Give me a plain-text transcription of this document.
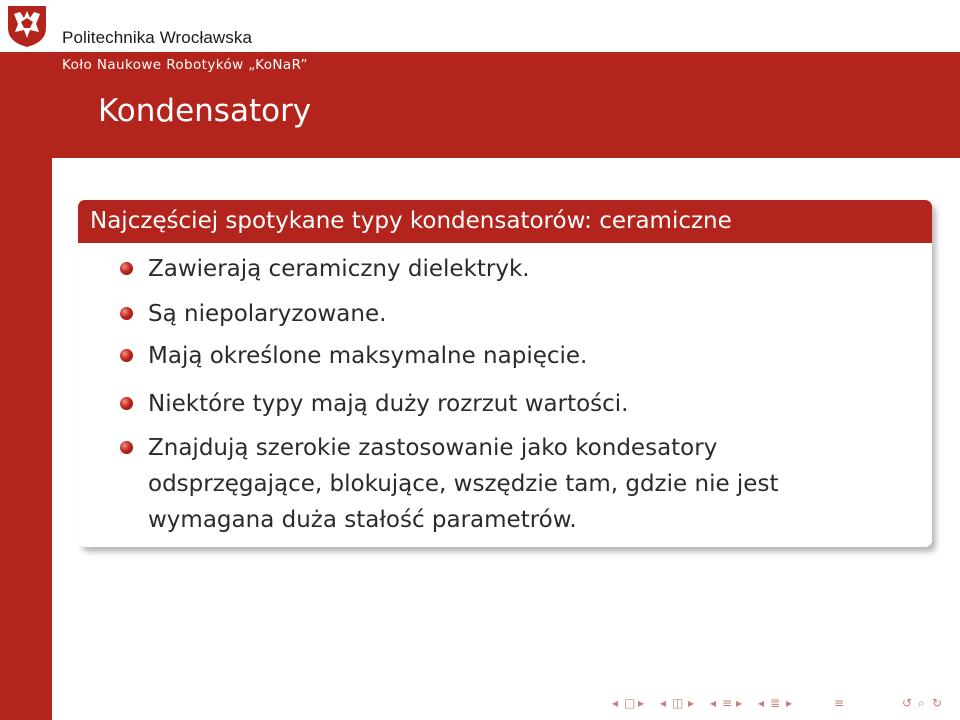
Politechnika Wrocławska
Koło Naukowe Robotyków „KoNaR”
Kondensatory
Najczęściej spotykane typy kondensatorów: ceramiczne
Zawierają ceramiczny dielektryk.
Są niepolaryzowane.
Mają określone maksymalne napięcie.
Niektóre typy mają duży rozrzut wartości.
Znajdują szerokie zastosowanie jako kondesatory
odsprzęgające, blokujące, wszędzie tam, gdzie nie jest
wymagana duża stałość parametrów.
◂ □ ▸ ◂ ◫ ▸ ◂ ≡ ▸ ◂ ≣ ▸	≡	↺ ⌕ ↻
